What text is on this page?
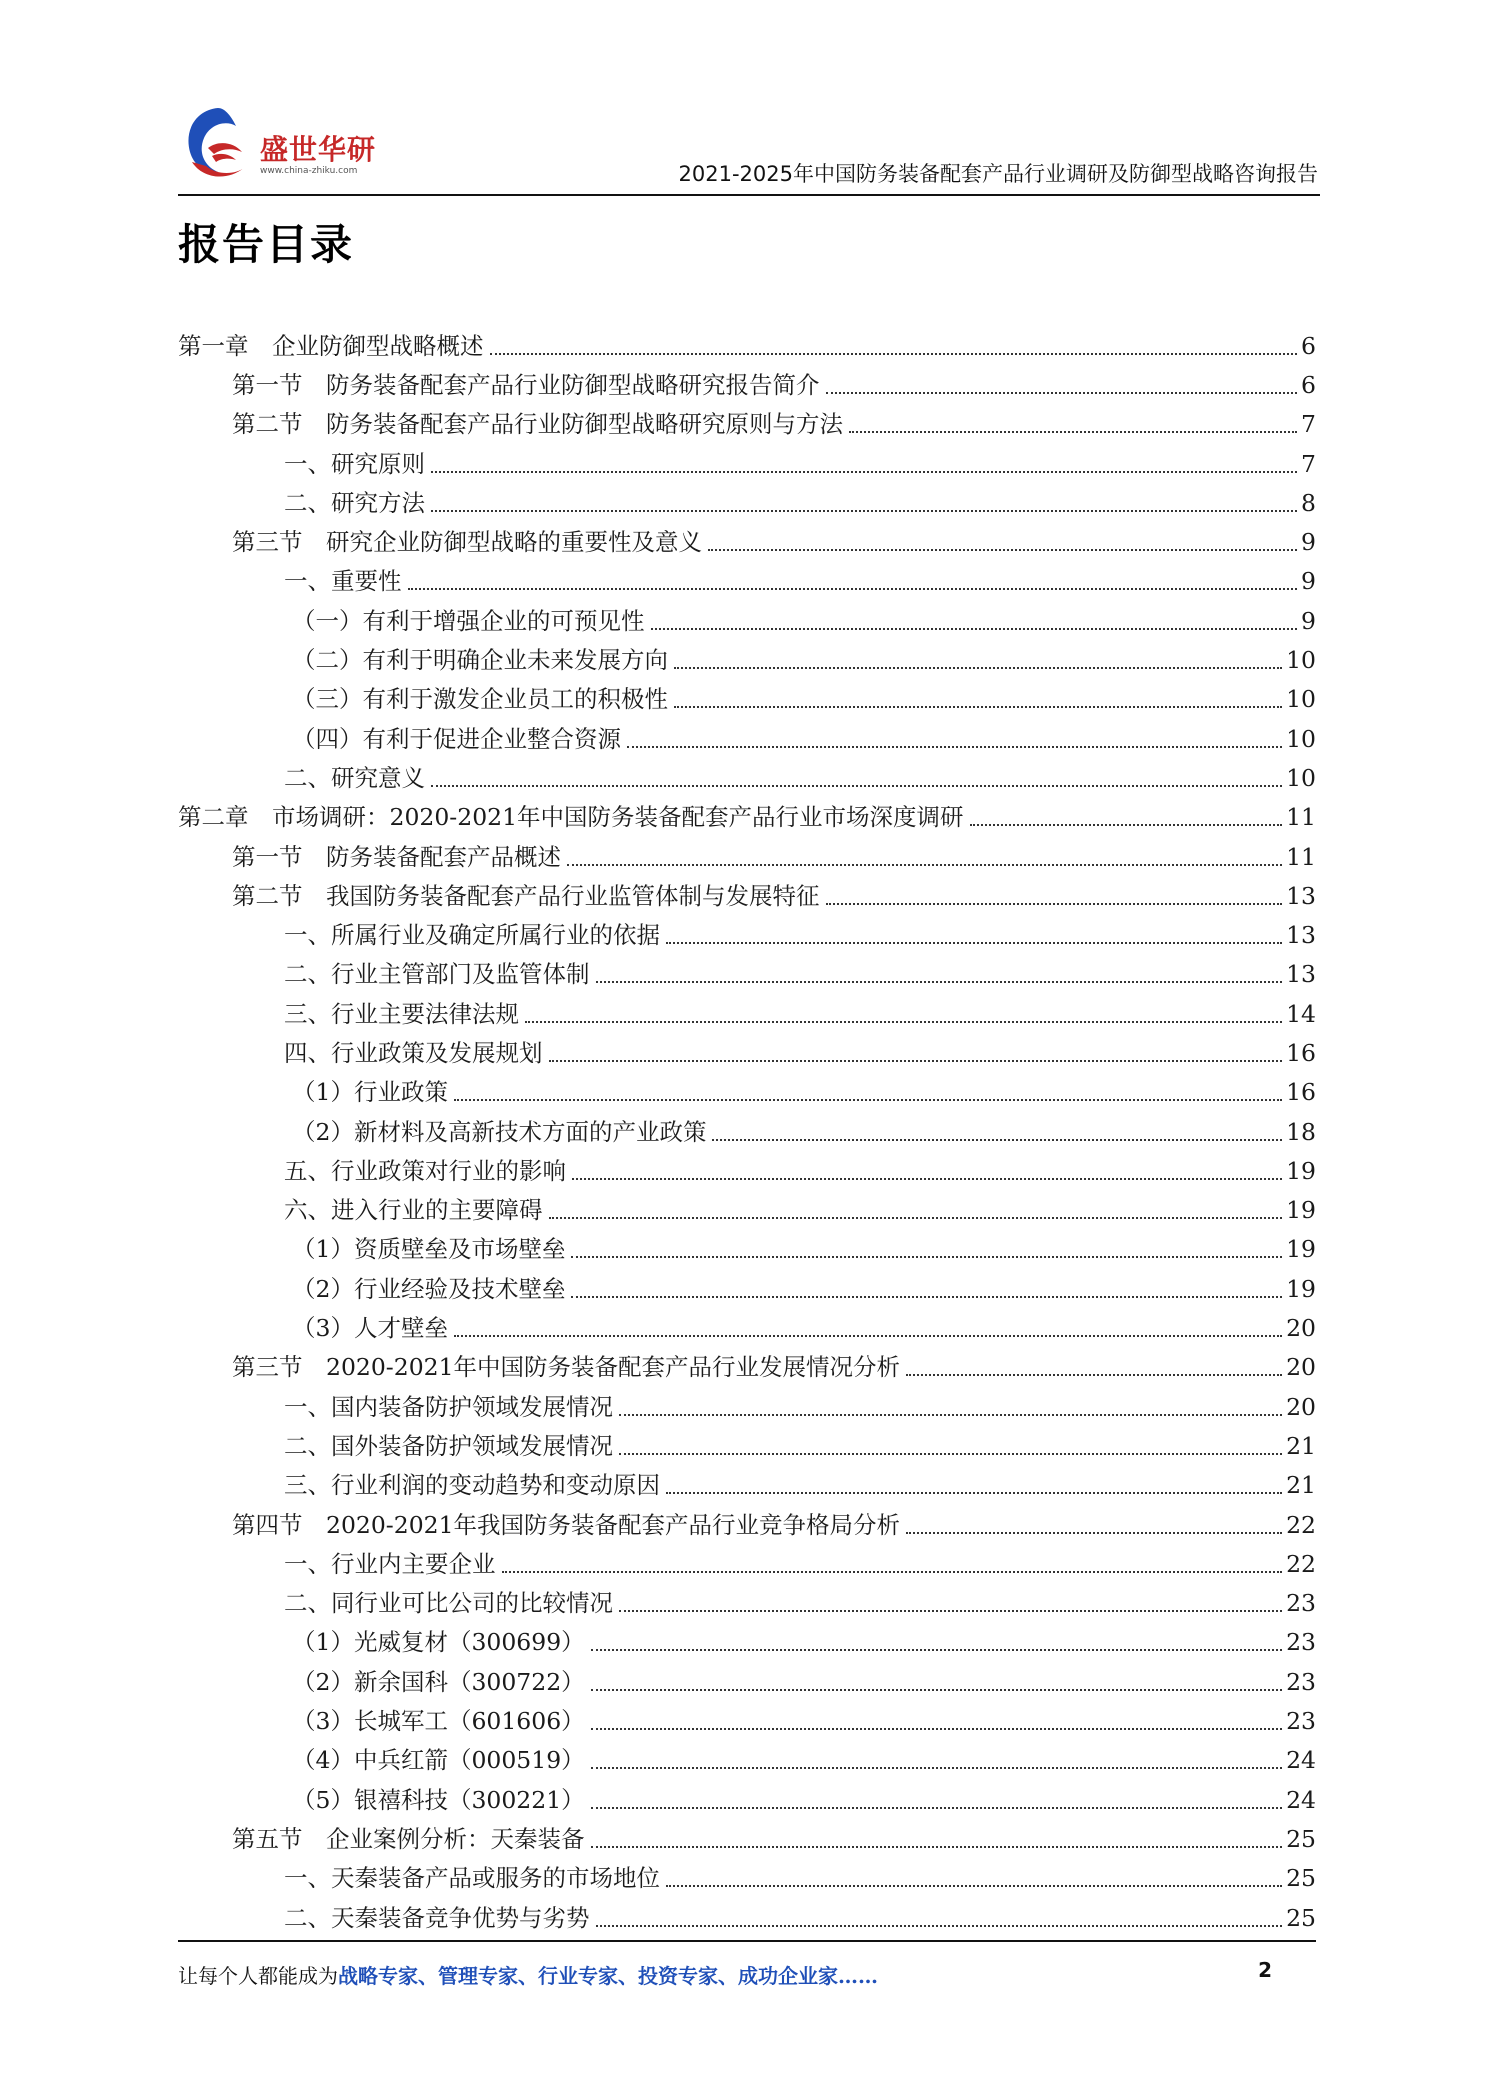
盛世华研
www.china-zhiku.com	2021-2025年中国防务装备配套产品行业调研及防御型战略咨询报告
报告目录
第一章　企业防御型战略概述	6
第一节　防务装备配套产品行业防御型战略研究报告简介	6
第二节　防务装备配套产品行业防御型战略研究原则与方法	7
一、研究原则	7
二、研究方法	8
第三节　研究企业防御型战略的重要性及意义	9
一、重要性	9
（一）有利于增强企业的可预见性	9
（二）有利于明确企业未来发展方向	10
（三）有利于激发企业员工的积极性	10
（四）有利于促进企业整合资源	10
二、研究意义	10
第二章　市场调研：2020-2021年中国防务装备配套产品行业市场深度调研	11
第一节　防务装备配套产品概述	11
第二节　我国防务装备配套产品行业监管体制与发展特征	13
一、所属行业及确定所属行业的依据	13
二、行业主管部门及监管体制	13
三、行业主要法律法规	14
四、行业政策及发展规划	16
（1）行业政策	16
（2）新材料及高新技术方面的产业政策	18
五、行业政策对行业的影响	19
六、进入行业的主要障碍	19
（1）资质壁垒及市场壁垒	19
（2）行业经验及技术壁垒	19
（3）人才壁垒	20
第三节　2020-2021年中国防务装备配套产品行业发展情况分析	20
一、国内装备防护领域发展情况	20
二、国外装备防护领域发展情况	21
三、行业利润的变动趋势和变动原因	21
第四节　2020-2021年我国防务装备配套产品行业竞争格局分析	22
一、行业内主要企业	22
二、同行业可比公司的比较情况	23
（1）光威复材（300699）	23
（2）新余国科（300722）	23
（3）长城军工（601606）	23
（4）中兵红箭（000519）	24
（5）银禧科技（300221）	24
第五节　企业案例分析：天秦装备	25
一、天秦装备产品或服务的市场地位	25
二、天秦装备竞争优势与劣势	25
让每个人都能成为战略专家、管理专家、行业专家、投资专家、成功企业家……	2
